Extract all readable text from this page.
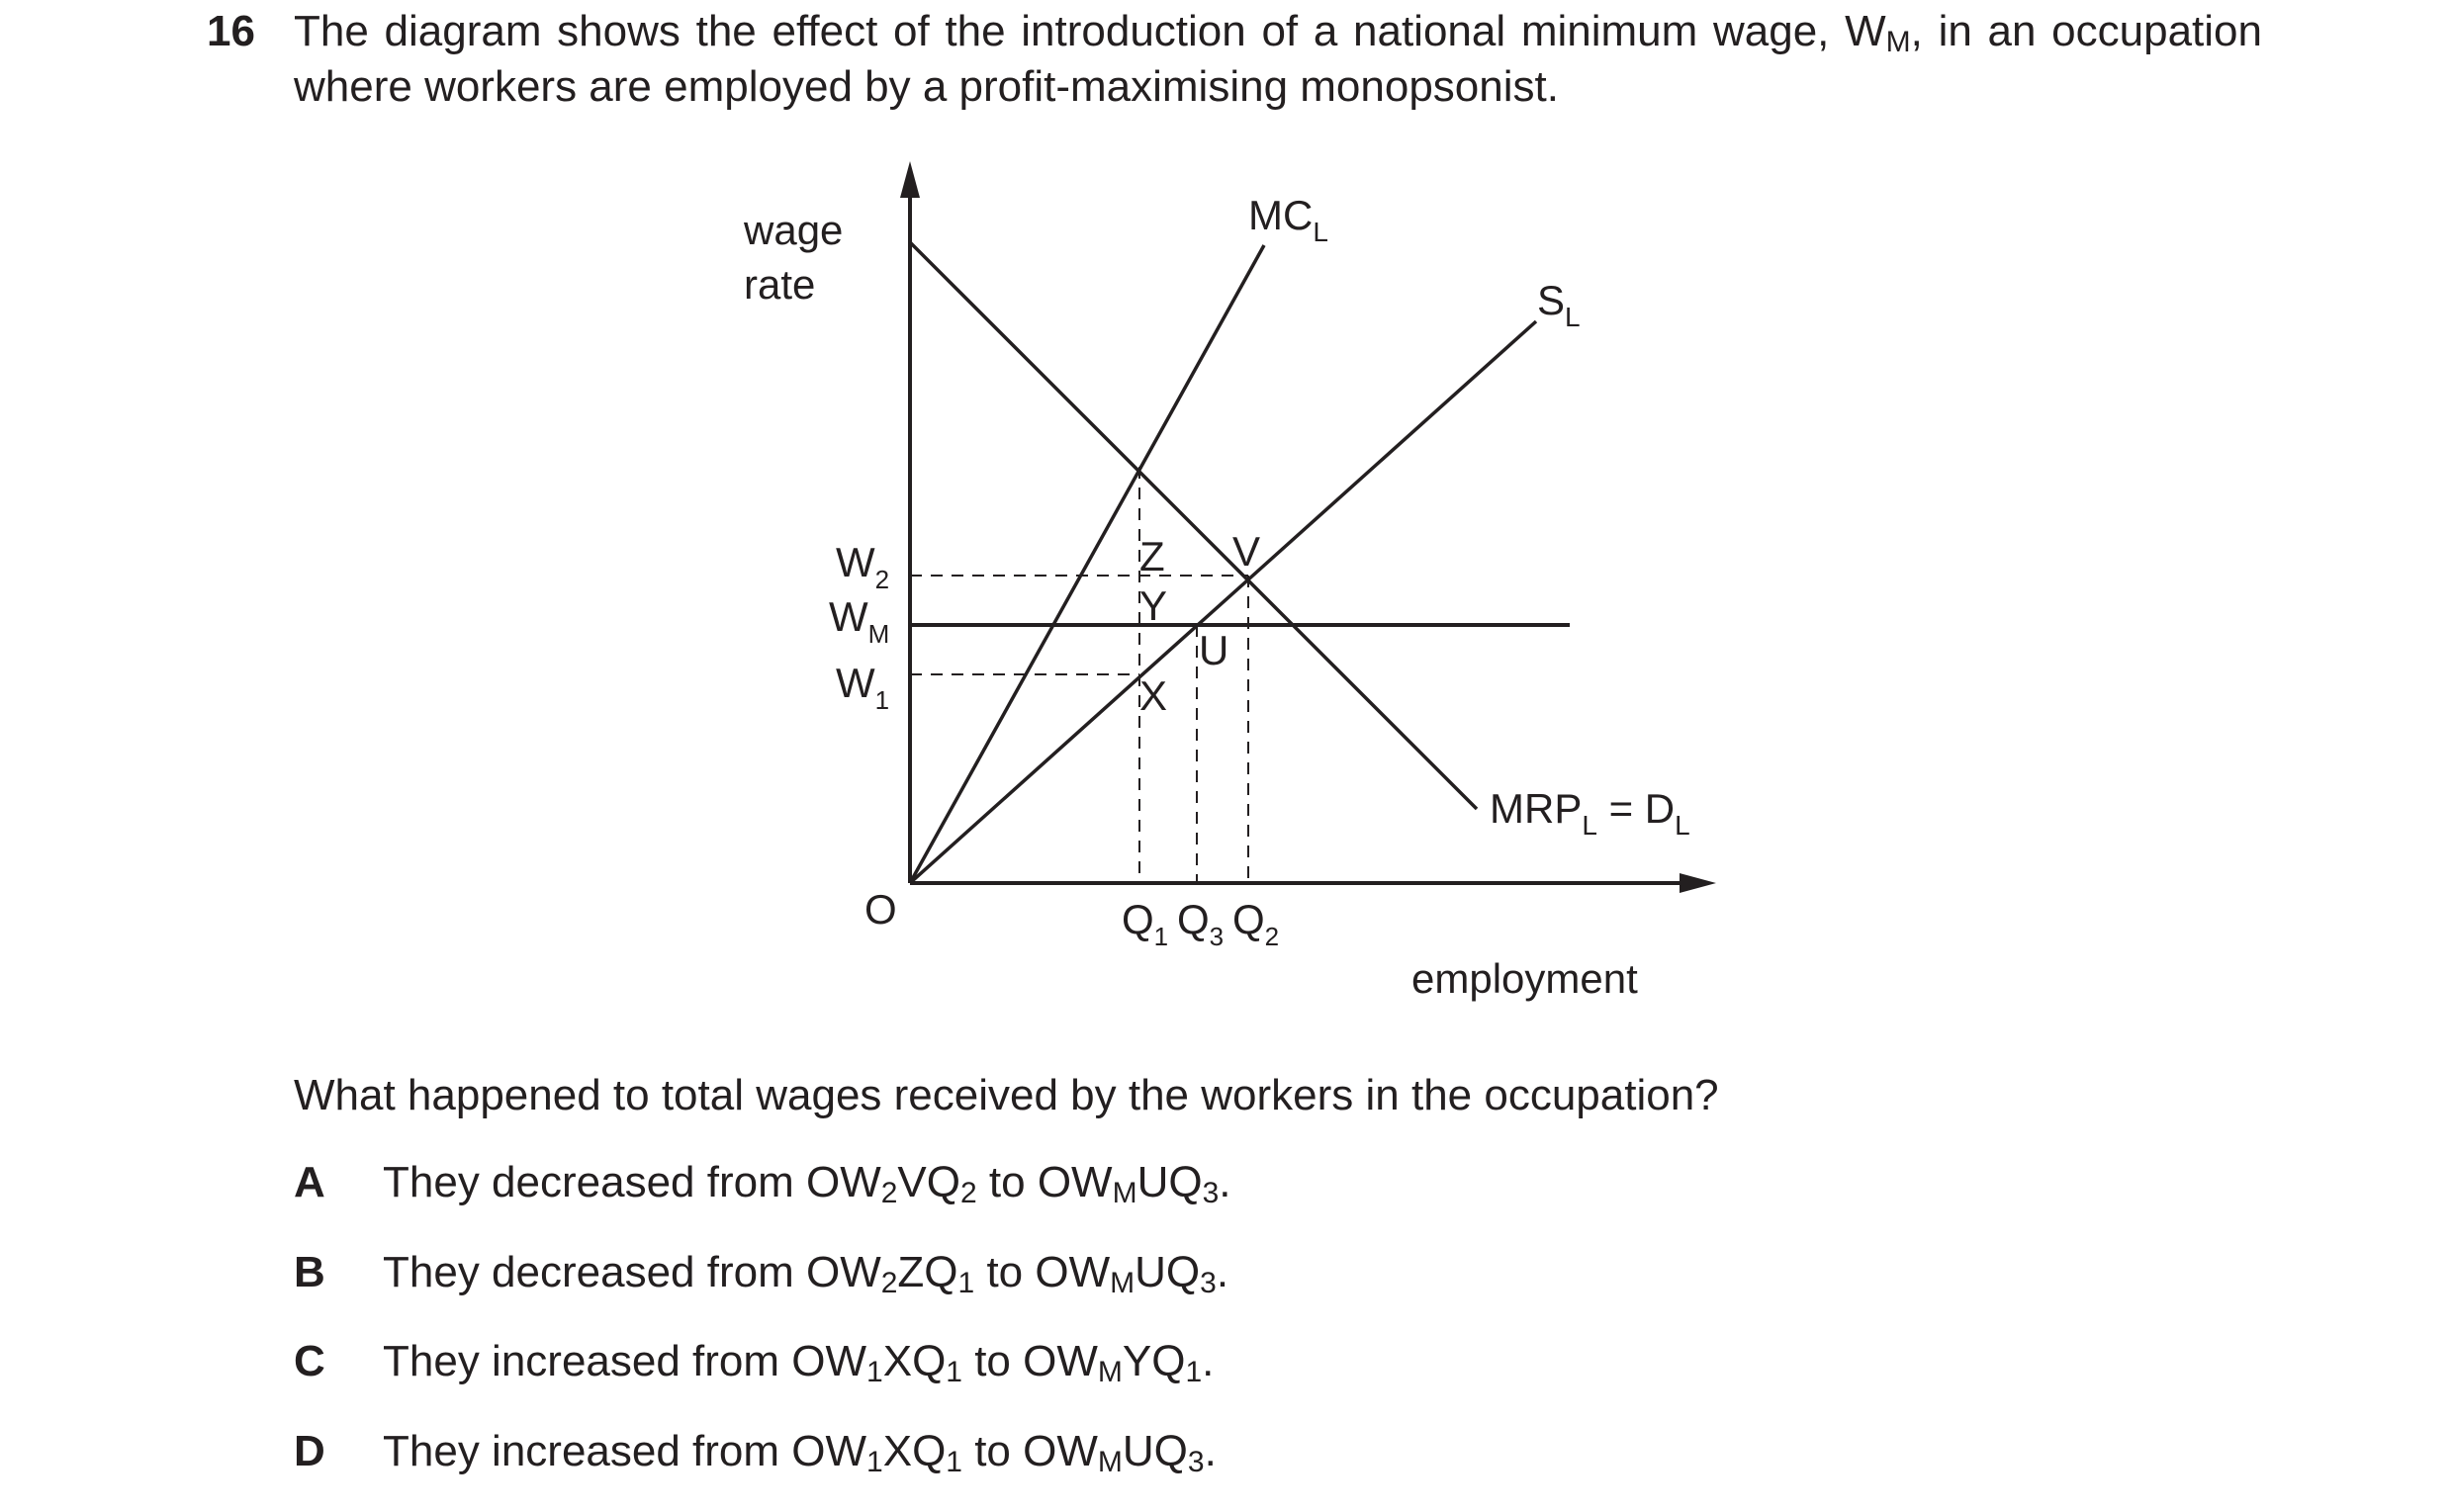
16 The diagram shows the effect of the introduction of a national minimum wage, $W_M$, in an occupation where workers are employed by a profit-maximising monopsonist.
wage
rate
employment
O
$MC_L$
$S_L$
$MRP_L = D_L$
$W_2$
$W_M$
$W_1$
$Q_1$ $Q_3$ $Q_2$
Z V
Y
U
X
What happened to total wages received by the workers in the occupation?
A They decreased from $OW_2VQ_2$ to $OW_MUQ_3$.
B They decreased from $OW_2ZQ_1$ to $OW_MUQ_3$.
C They increased from $OW_1XQ_1$ to $OW_MYQ_1$.
D They increased from $OW_1XQ_1$ to $OW_MUQ_3$.
